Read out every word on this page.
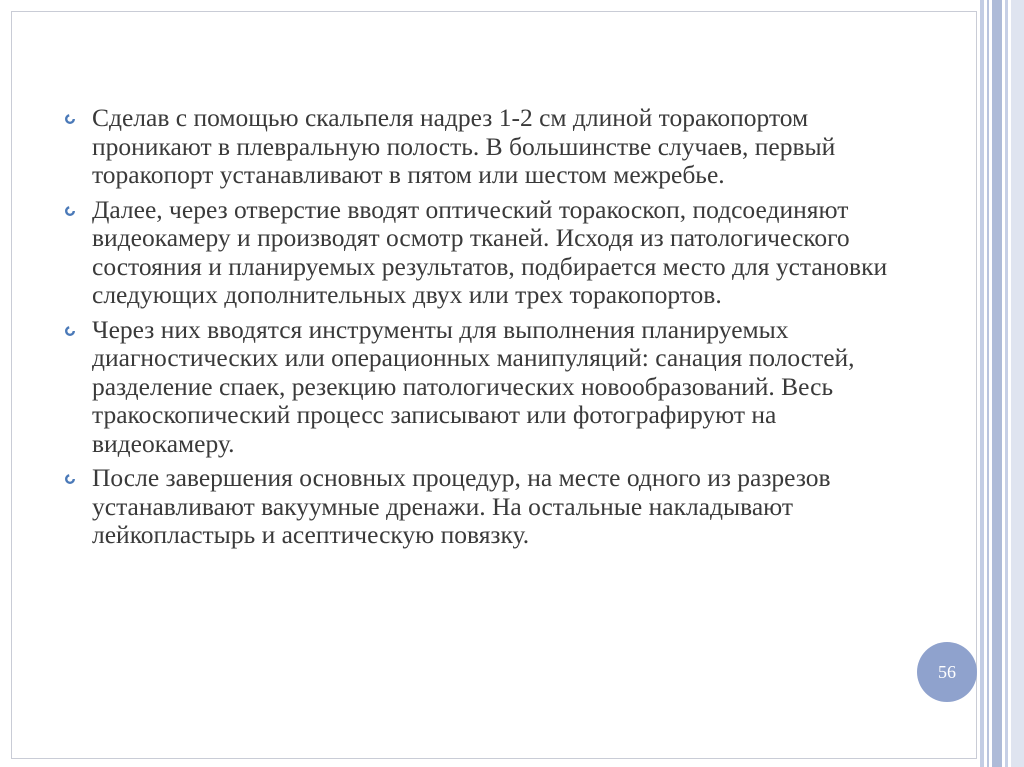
Сделав с помощью скальпеля надрез 1-2 см длиной торакопортом проникают в плевральную полость. В большинстве случаев, первый торакопорт устанавливают в пятом или шестом межребье.
Далее, через отверстие вводят оптический торакоскоп, подсоединяют видеокамеру и производят осмотр тканей. Исходя из патологического состояния и планируемых результатов, подбирается место для установки следующих дополнительных двух или трех торакопортов.
Через них вводятся инструменты для выполнения планируемых диагностических или операционных манипуляций: санация полостей, разделение спаек, резекцию патологических новообразований. Весь тракоскопический процесс записывают или фотографируют на видеокамеру.
После завершения основных процедур, на месте одного из разрезов устанавливают вакуумные дренажи. На остальные накладывают лейкопластырь и асептическую повязку.
56
